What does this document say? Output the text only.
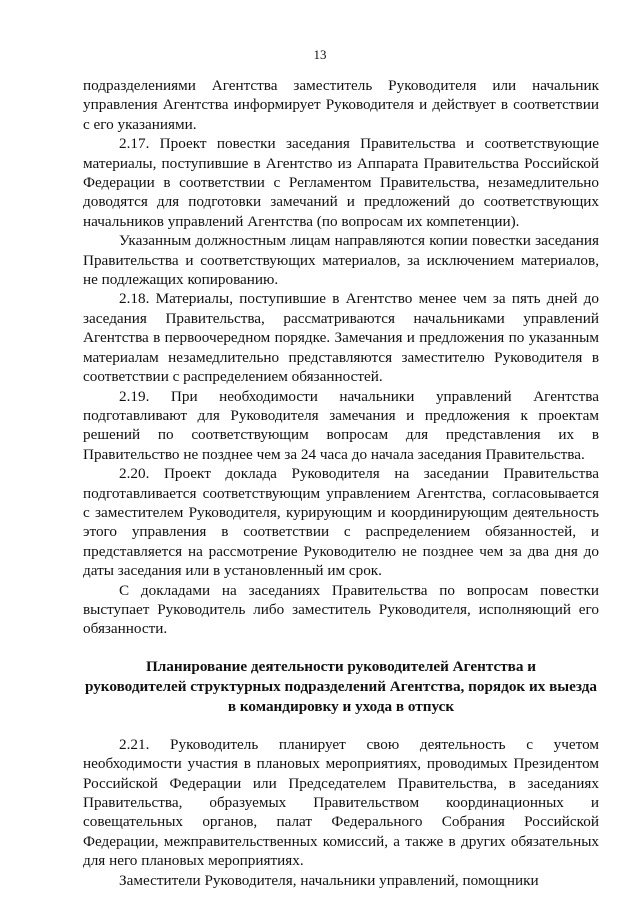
13

подразделениями Агентства заместитель Руководителя или начальник управления Агентства информирует Руководителя и действует в соответствии с его указаниями.

2.17. Проект повестки заседания Правительства и соответствующие материалы, поступившие в Агентство из Аппарата Правительства Российской Федерации в соответствии с Регламентом Правительства, незамедлительно доводятся для подготовки замечаний и предложений до соответствующих начальников управлений Агентства (по вопросам их компетенции).

Указанным должностным лицам направляются копии повестки заседания Правительства и соответствующих материалов, за исключением материалов, не подлежащих копированию.

2.18. Материалы, поступившие в Агентство менее чем за пять дней до заседания Правительства, рассматриваются начальниками управлений Агентства в первоочередном порядке. Замечания и предложения по указанным материалам незамедлительно представляются заместителю Руководителя в соответствии с распределением обязанностей.

2.19. При необходимости начальники управлений Агентства подготавливают для Руководителя замечания и предложения к проектам решений по соответствующим вопросам для представления их в Правительство не позднее чем за 24 часа до начала заседания Правительства.

2.20. Проект доклада Руководителя на заседании Правительства подготавливается соответствующим управлением Агентства, согласовывается с заместителем Руководителя, курирующим и координирующим деятельность этого управления в соответствии с распределением обязанностей, и представляется на рассмотрение Руководителю не позднее чем за два дня до даты заседания или в установленный им срок.

С докладами на заседаниях Правительства по вопросам повестки выступает Руководитель либо заместитель Руководителя, исполняющий его обязанности.

Планирование деятельности руководителей Агентства и
руководителей структурных подразделений Агентства, порядок их выезда
в командировку и ухода в отпуск

2.21. Руководитель планирует свою деятельность с учетом необходимости участия в плановых мероприятиях, проводимых Президентом Российской Федерации или Председателем Правительства, в заседаниях Правительства, образуемых Правительством координационных и совещательных органов, палат Федерального Собрания Российской Федерации, межправительственных комиссий, а также в других обязательных для него плановых мероприятиях.

Заместители Руководителя, начальники управлений, помощники
